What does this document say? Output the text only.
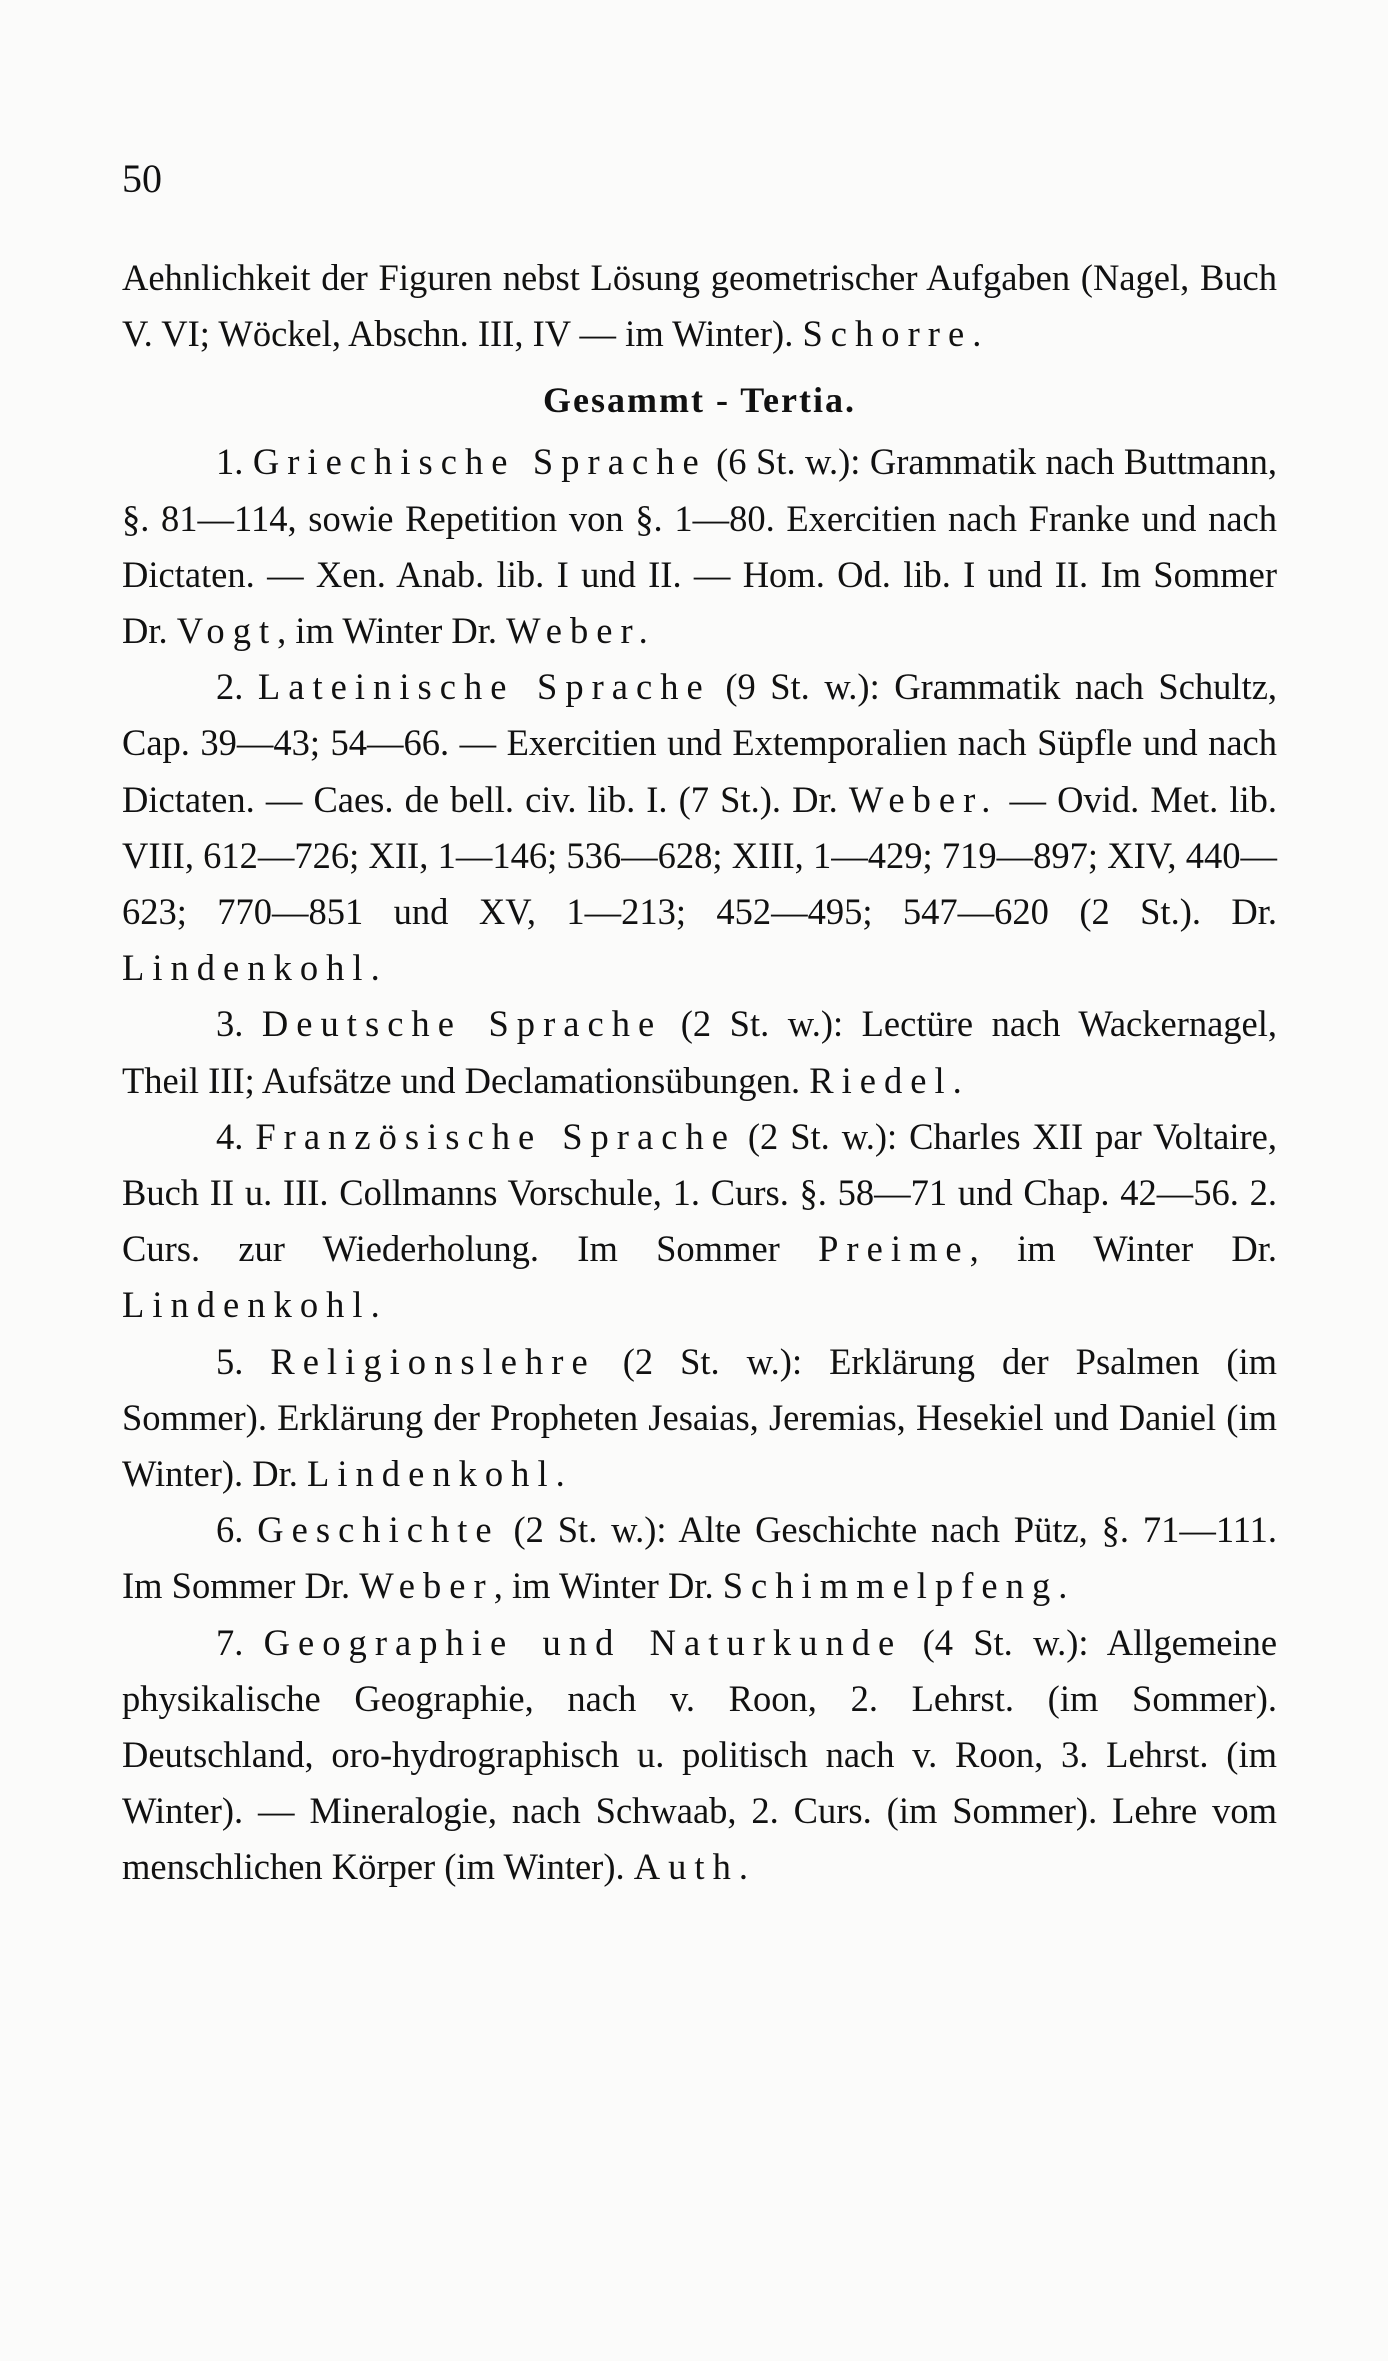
50

Aehnlichkeit der Figuren nebst Lösung geometrischer Aufgaben (Nagel, Buch V. VI; Wöckel, Abschn. III, IV — im Winter). Schorre.

Gesammt - Tertia.

1. Griechische Sprache (6 St. w.): Grammatik nach Buttmann, §. 81—114, sowie Repetition von §. 1—80. Exercitien nach Franke und nach Dictaten. — Xen. Anab. lib. I und II. — Hom. Od. lib. I und II. Im Sommer Dr. Vogt, im Winter Dr. Weber.

2. Lateinische Sprache (9 St. w.): Grammatik nach Schultz, Cap. 39—43; 54—66. — Exercitien und Extemporalien nach Süpfle und nach Dictaten. — Caes. de bell. civ. lib. I. (7 St.). Dr. Weber. — Ovid. Met. lib. VIII, 612—726; XII, 1—146; 536—628; XIII, 1—429; 719—897; XIV, 440—623; 770—851 und XV, 1—213; 452—495; 547—620 (2 St.). Dr. Lindenkohl.

3. Deutsche Sprache (2 St. w.): Lectüre nach Wackernagel, Theil III; Aufsätze und Declamationsübungen. Riedel.

4. Französische Sprache (2 St. w.): Charles XII par Voltaire, Buch II u. III. Collmanns Vorschule, 1. Curs. §. 58—71 und Chap. 42—56. 2. Curs. zur Wiederholung. Im Sommer Preime, im Winter Dr. Lindenkohl.

5. Religionslehre (2 St. w.): Erklärung der Psalmen (im Sommer). Erklärung der Propheten Jesaias, Jeremias, Hesekiel und Daniel (im Winter). Dr. Lindenkohl.

6. Geschichte (2 St. w.): Alte Geschichte nach Pütz, §. 71—111. Im Sommer Dr. Weber, im Winter Dr. Schimmelpfeng.

7. Geographie und Naturkunde (4 St. w.): Allgemeine physikalische Geographie, nach v. Roon, 2. Lehrst. (im Sommer). Deutschland, oro-hydrographisch u. politisch nach v. Roon, 3. Lehrst. (im Winter). — Mineralogie, nach Schwaab, 2. Curs. (im Sommer). Lehre vom menschlichen Körper (im Winter). Auth.
